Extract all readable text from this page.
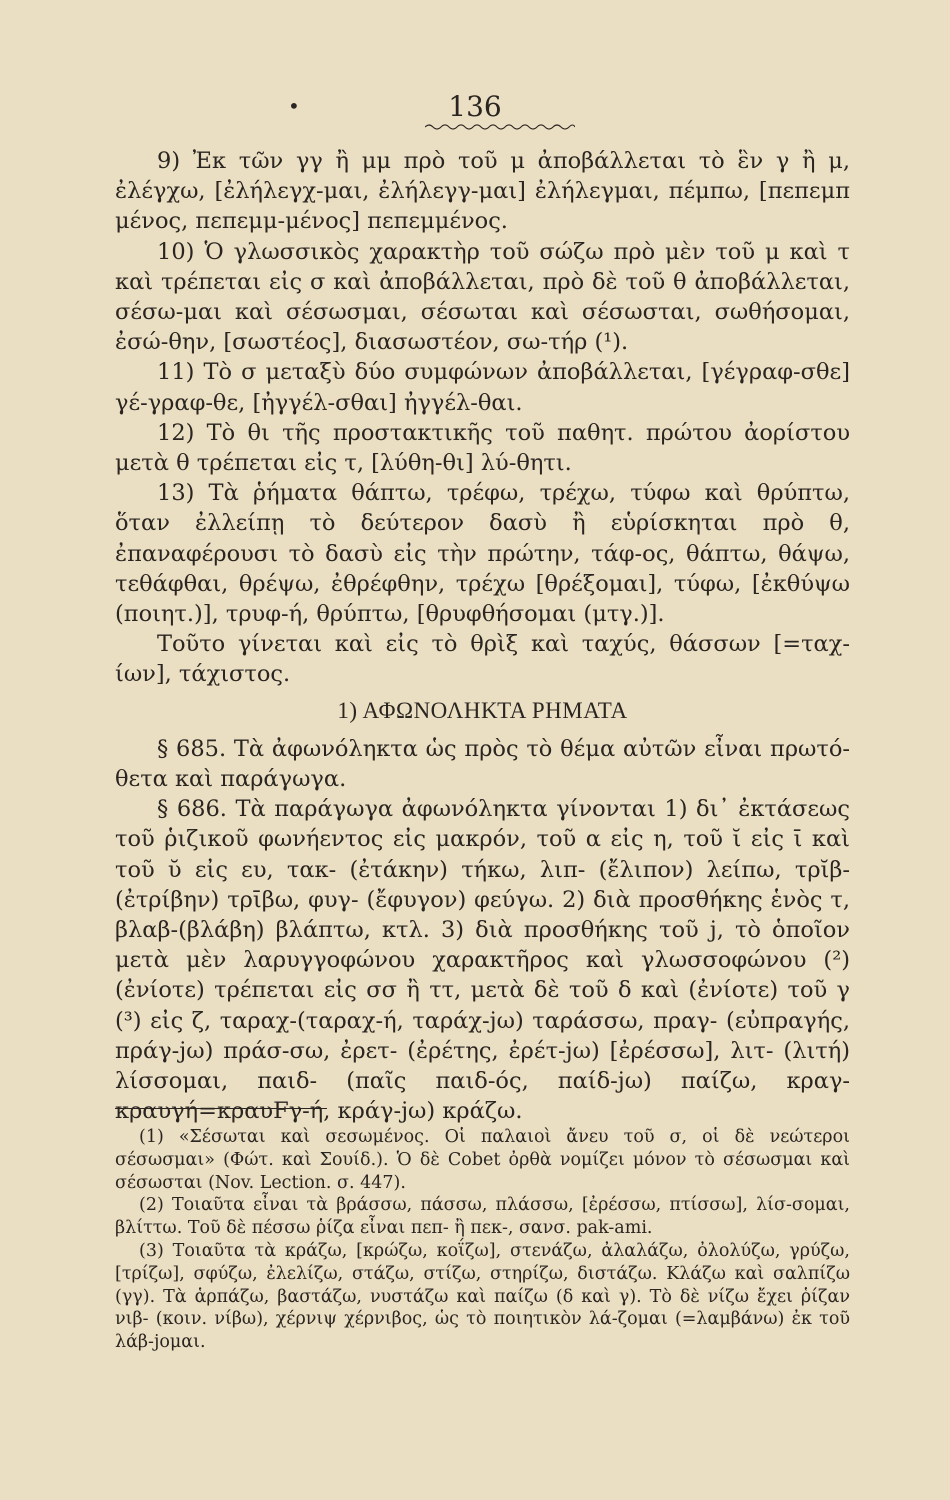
•	136

9) Ἐκ τῶν γγ ἢ μμ πρὸ τοῦ μ ἀποβάλλεται τὸ ἓν γ ἢ μ, ἐλέγχω, [ἐλήλεγχ-μαι, ἐλήλεγγ-μαι] ἐλήλεγμαι, πέμπω, [πεπεμπ μένος, πεπεμμ-μένος] πεπεμμένος.

10) Ὁ γλωσσικὸς χαρακτὴρ τοῦ σώζω πρὸ μὲν τοῦ μ καὶ τ καὶ τρέπεται εἰς σ καὶ ἀποβάλλεται, πρὸ δὲ τοῦ θ ἀποβάλλεται, σέσω-μαι καὶ σέσωσμαι, σέσωται καὶ σέσωσται, σωθήσομαι, ἐσώ-θην, [σωστέος], διασωστέον, σω-τήρ (¹).

11) Τὸ σ μεταξὺ δύο συμφώνων ἀποβάλλεται, [γέγραφ-σθε] γέ-γραφ-θε, [ἠγγέλ-σθαι] ἠγγέλ-θαι.

12) Τὸ θι τῆς προστακτικῆς τοῦ παθητ. πρώτου ἀορίστου μετὰ θ τρέπεται εἰς τ, [λύθη-θι] λύ-θητι.

13) Τὰ ῥήματα θάπτω, τρέφω, τρέχω, τύφω καὶ θρύπτω, ὅταν ἐλλείπῃ τὸ δεύτερον δασὺ ἢ εὑρίσκηται πρὸ θ, ἐπαναφέρουσι τὸ δασὺ εἰς τὴν πρώτην, τάφ-ος, θάπτω, θάψω, τεθάφθαι, θρέψω, ἐθρέφθην, τρέχω [θρέξομαι], τύφω, [ἐκθύψω (ποιητ.)], τρυφ-ή, θρύπτω, [θρυφθήσομαι (μτγ.)].

Τοῦτο γίνεται καὶ εἰς τὸ θρὶξ καὶ ταχύς, θάσσων [=ταχ-ίων], τάχιστος.

1) ΑΦΩΝΟΛΗΚΤΑ ΡΗΜΑΤΑ

§ 685. Τὰ ἀφωνόληκτα ὡς πρὸς τὸ θέμα αὐτῶν εἶναι πρωτό-θετα καὶ παράγωγα.

§ 686. Τὰ παράγωγα ἀφωνόληκτα γίνονται 1) δι᾽ ἐκτάσεως τοῦ ῥιζικοῦ φωνήεντος εἰς μακρόν, τοῦ α εἰς η, τοῦ ῐ εἰς ῑ καὶ τοῦ ῠ εἰς ευ, τακ- (ἐτάκην) τήκω, λιπ- (ἔλιπον) λείπω, τρῐβ- (ἐτρίβην) τρῑβω, φυγ- (ἔφυγον) φεύγω. 2) διὰ προσθήκης ἑνὸς τ, βλαβ-(βλάβη) βλάπτω, κτλ. 3) διὰ προσθήκης τοῦ j, τὸ ὁποῖον μετὰ μὲν λαρυγγοφώνου χαρακτῆρος καὶ γλωσσοφώνου (²) (ἐνίοτε) τρέπεται εἰς σσ ἢ ττ, μετὰ δὲ τοῦ δ καὶ (ἐνίοτε) τοῦ γ (³) εἰς ζ, ταραχ-(ταραχ-ή, ταράχ-jω) ταράσσω, πραγ- (εὐπραγής, πράγ-jω) πράσ-σω, ἐρετ- (ἐρέτης, ἐρέτ-jω) [ἐρέσσω], λιτ- (λιτή) λίσσομαι, παιδ- (παῖς παιδ-ός, παίδ-jω) παίζω, κραγ- κραυγή=κραυFγ-ή, κράγ-jω) κράζω.

(1) «Σέσωται καὶ σεσωμένος. Οἱ παλαιοὶ ἄνευ τοῦ σ, οἱ δὲ νεώτεροι σέσωσμαι» (Φώτ. καὶ Σουίδ.). Ὁ δὲ Cobet ὀρθὰ νομίζει μόνον τὸ σέσωσμαι καὶ σέσωσται (Nov. Lection. σ. 447).

(2) Τοιαῦτα εἶναι τὰ βράσσω, πάσσω, πλάσσω, [ἐρέσσω, πτίσσω], λίσ-σομαι, βλίττω. Τοῦ δὲ πέσσω ῥίζα εἶναι πεπ- ἢ πεκ-, σανσ. pak-ami.

(3) Τοιαῦτα τὰ κράζω, [κρώζω, κοΐζω], στενάζω, ἀλαλάζω, ὀλολύζω, γρύζω, [τρίζω], σφύζω, ἐλελίζω, στάζω, στίζω, στηρίζω, διστάζω. Κλάζω καὶ σαλπίζω (γγ). Τὰ ἁρπάζω, βαστάζω, νυστάζω καὶ παίζω (δ καὶ γ). Τὸ δὲ νίζω ἔχει ῥίζαν νιβ- (κοιν. νίβω), χέρνιψ χέρνιβος, ὡς τὸ ποιητικὸν λά-ζομαι (=λαμβάνω) ἐκ τοῦ λάβ-jομαι.
